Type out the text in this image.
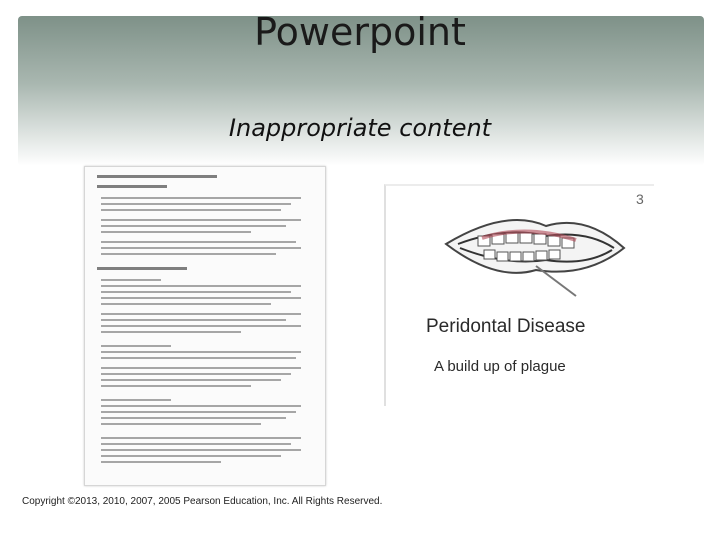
Powerpoint
Inappropriate content
3
Peridontal Disease
A build up of plague
Copyright ©2013, 2010, 2007, 2005 Pearson Education, Inc. All Rights Reserved.
